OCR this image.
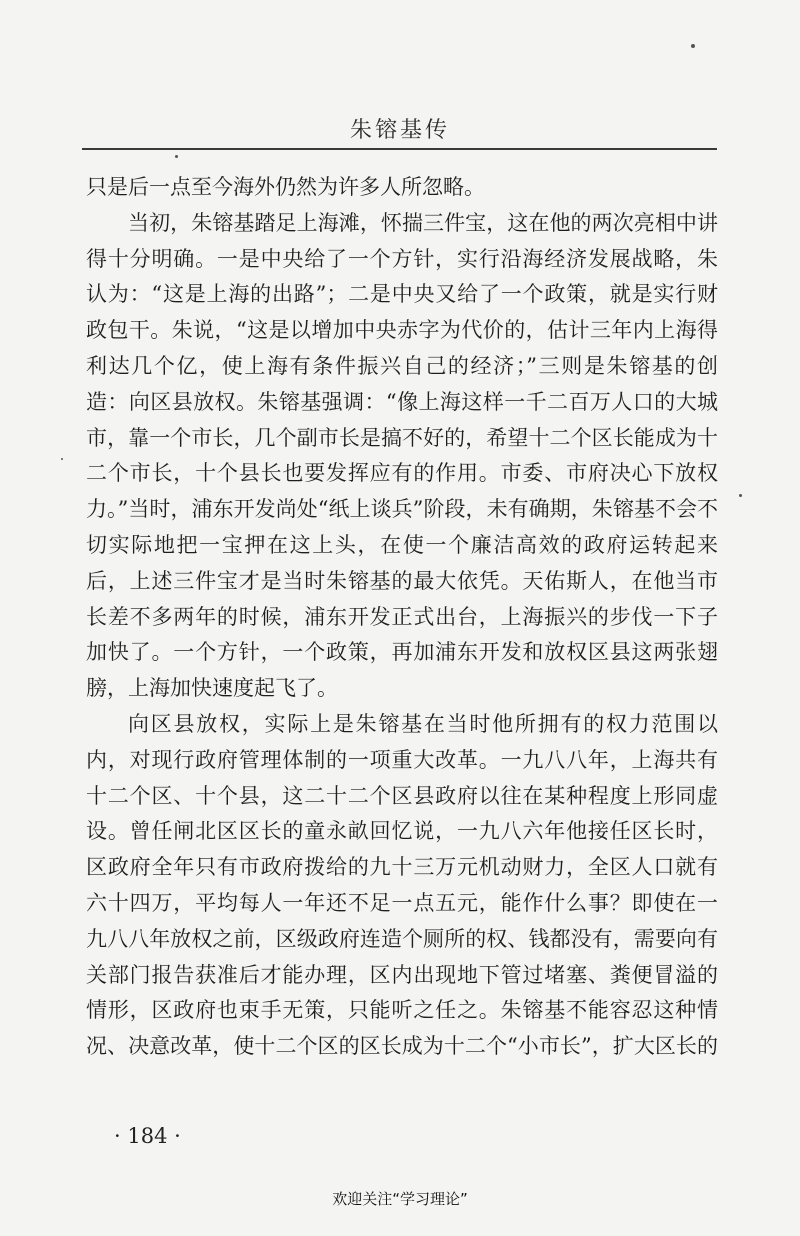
朱镕基传
只是后一点至今海外仍然为许多人所忽略。
当初，朱镕基踏足上海滩，怀揣三件宝，这在他的两次亮相中讲
得十分明确。一是中央给了一个方针，实行沿海经济发展战略，朱
认为：“这是上海的出路”；二是中央又给了一个政策，就是实行财
政包干。朱说，“这是以增加中央赤字为代价的，估计三年内上海得
利达几个亿，使上海有条件振兴自己的经济；”三则是朱镕基的创
造：向区县放权。朱镕基强调：“像上海这样一千二百万人口的大城
市，靠一个市长，几个副市长是搞不好的，希望十二个区长能成为十
二个市长，十个县长也要发挥应有的作用。市委、市府决心下放权
力。”当时，浦东开发尚处“纸上谈兵”阶段，未有确期，朱镕基不会不
切实际地把一宝押在这上头，在使一个廉洁高效的政府运转起来
后，上述三件宝才是当时朱镕基的最大依凭。天佑斯人，在他当市
长差不多两年的时候，浦东开发正式出台，上海振兴的步伐一下子
加快了。一个方针，一个政策，再加浦东开发和放权区县这两张翅
膀，上海加快速度起飞了。
向区县放权，实际上是朱镕基在当时他所拥有的权力范围以
内，对现行政府管理体制的一项重大改革。一九八八年，上海共有
十二个区、十个县，这二十二个区县政府以往在某种程度上形同虚
设。曾任闸北区区长的童永畝回忆说，一九八六年他接任区长时，
区政府全年只有市政府拨给的九十三万元机动财力，全区人口就有
六十四万，平均每人一年还不足一点五元，能作什么事？即使在一
九八八年放权之前，区级政府连造个厕所的权、钱都没有，需要向有
关部门报告获准后才能办理，区内出现地下管过堵塞、粪便冒溢的
情形，区政府也束手无策，只能听之任之。朱镕基不能容忍这种情
况、决意改革，使十二个区的区长成为十二个“小市长”，扩大区长的
· 184 ·
欢迎关注“学习理论”
